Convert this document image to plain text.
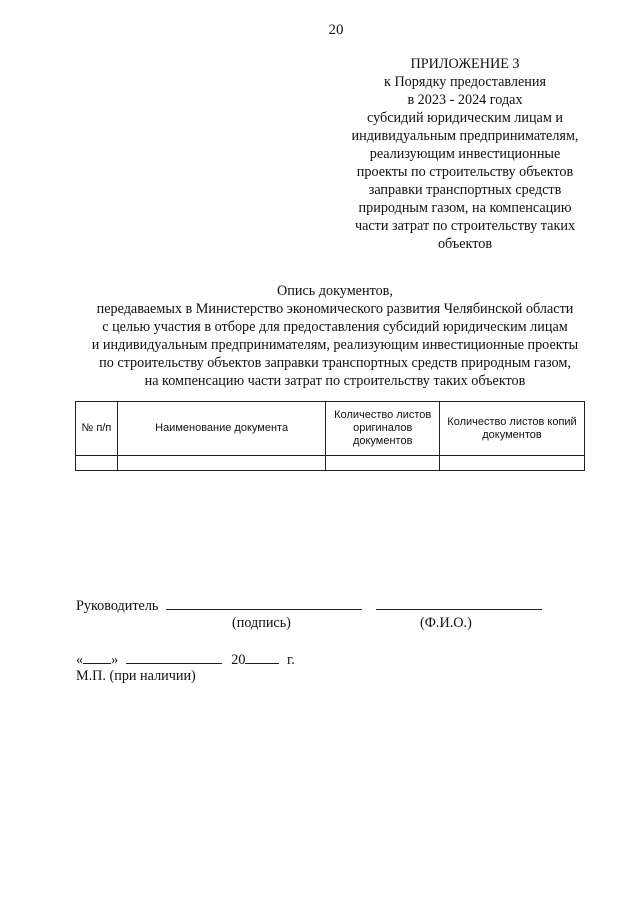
20
ПРИЛОЖЕНИЕ 3
к Порядку предоставления
в 2023 - 2024 годах
субсидий юридическим лицам и
индивидуальным предпринимателям,
реализующим инвестиционные
проекты по строительству объектов
заправки транспортных средств
природным газом, на компенсацию
части затрат по строительству таких
объектов
Опись документов,
передаваемых в Министерство экономического развития Челябинской области
с целью участия в отборе для предоставления субсидий юридическим лицам
и индивидуальным предпринимателям, реализующим инвестиционные проекты
по строительству объектов заправки транспортных средств природным газом,
на компенсацию части затрат по строительству таких объектов
№ п/п	Наименование документа	Количество листов оригиналов документов	Количество листов копий документов

Руководитель
(подпись)	(Ф.И.О.)
« »	20	г.
М.П. (при наличии)
